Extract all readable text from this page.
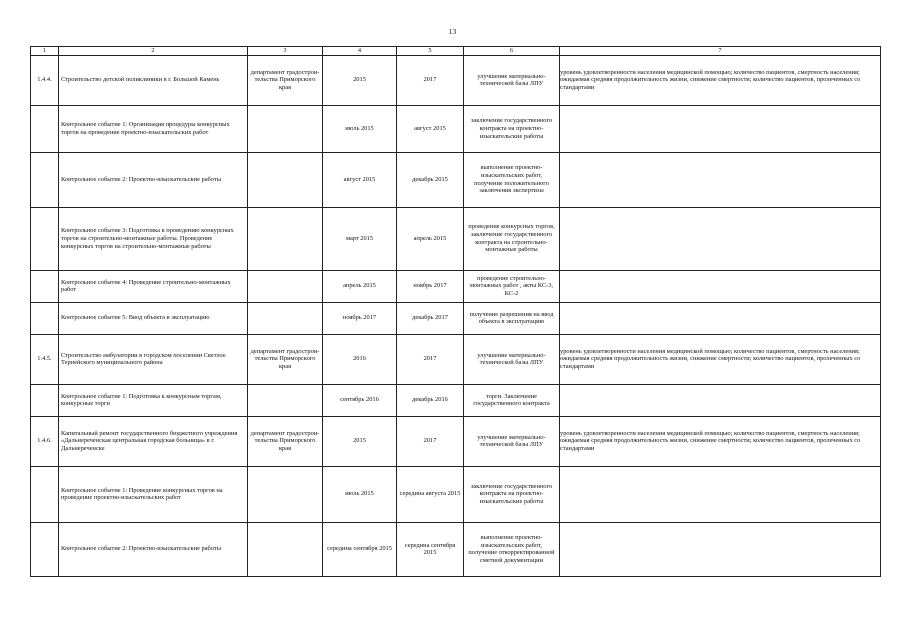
13
1	2	3	4	5	6	7
1.4.4.	Строительство детской поликлиники в г. Большой Камень	департамент градострои-тельства Приморского края	2015	2017	улучшение материально-технической базы ЛПУ	уровень удовлетворенности населения медицинской помощью; количество пациентов, смертность населения; ожидаемая средняя продолжительность жизни, снижение смертности; количество пациентов, пролеченных со стандартами
	Контрольное событие 1: Организация процедуры конкурсных торгов на проведение проектно-изыскательских работ		июль 2015	август 2015	заключение государственного контракта на проектно-изыскательские работы	
	Контрольное событие 2: Проектно-изыскательские работы		август 2015	декабрь 2015	выполнение проектно-изыскательских работ, получение положительного заключения экспертизы	
	Контрольное событие 3: Подготовка к проведению конкурсных торгов на строительно-монтажные работы. Проведение конкурсных торгов на строительно-монтажные работы		март 2015	апрель 2015	проведение конкурсных торгов, заключение государственного контракта на строительно-монтажные работы	
	Контрольное событие 4: Проведение строительно-монтажных работ		апрель 2015	ноябрь 2017	проведение строительно-монтажных работ , акты КС-3, КС-2	
	Контрольное событие 5: Ввод объекта в эксплуатацию		ноябрь 2017	декабрь 2017	получение разрешения на ввод объекта в эксплуатацию	
1.4.5.	Строительство амбулатории в городском поселении Светлое Тернейского муниципального района	департамент градострои-тельства Приморского края	2016	2017	улучшение материально-технической базы ЛПУ	уровень удовлетворенности населения медицинской помощью; количество пациентов, смертность населения; ожидаемая средняя продолжительность жизни, снижение смертности; количество пациентов, пролеченных со стандартами
	Контрольное событие 1: Подготовка к конкурсным торгам, конкурсные торги		сентябрь 2016	декабрь 2016	торги. Заключение государственного контракта	
1.4.6.	Капитальный ремонт государственного бюджетного учреждения «Дальнереченская центральная городская больница» в г. Дальнереченске	департамент градострои-тельства Приморского края	2015	2017	улучшение материально-технической базы ЛПУ	уровень удовлетворенности населения медицинской помощью; количество пациентов, смертность населения; ожидаемая средняя продолжительность жизни, снижение смертности; количество пациентов, пролеченных со стандартами
	Контрольное событие 1: Проведение конкурсных торгов на проведение проектно-изыскательских работ		июль 2015	середина августа 2015	заключение государственного контракта на проектно-изыскательские работы	
	Контрольное событие 2: Проектно-изыскательские работы		середина сентября 2015	середина сентября 2015	выполнение проектно-изыскательских работ, получение откорректированной сметной документации	
